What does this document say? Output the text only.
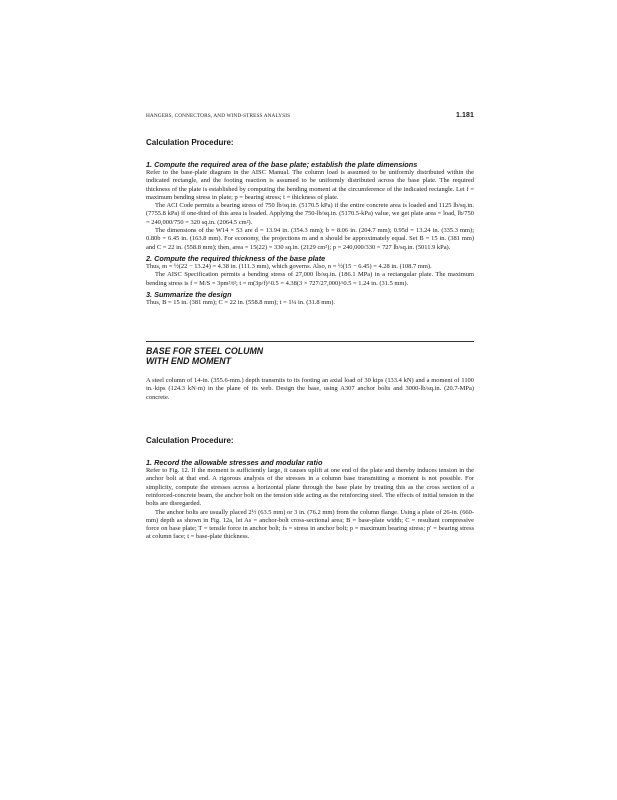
HANGERS, CONNECTORS, AND WIND-STRESS ANALYSIS	1.181
Calculation Procedure:
1. Compute the required area of the base plate; establish the plate dimensions

Refer to the base-plate diagram in the AISC Manual. The column load is assumed to be uniformly distributed within the indicated rectangle, and the footing reaction is assumed to be uniformly distributed across the base plate. The required thickness of the plate is established by computing the bending moment at the circumference of the indicated rectangle. Let f = maximum bending stress in plate; p = bearing stress; t = thickness of plate.

The ACI Code permits a bearing stress of 750 lb/sq.in. (5170.5 kPa) if the entire concrete area is loaded and 1125 lb/sq.in. (7755.8 kPa) if one-third of this area is loaded. Applying the 750-lb/sq.in. (5170.5-kPa) value, we get plate area = load, lb/750 = 240,000/750 = 320 sq.in. (2064.5 cm²).

The dimensions of the W14 × 53 are d = 13.94 in. (354.3 mm); b = 8.06 in. (204.7 mm); 0.95d = 13.24 in. (335.3 mm); 0.80b = 6.45 in. (163.8 mm). For economy, the projections m and n should be approximately equal. Set B = 15 in. (381 mm) and C = 22 in. (558.8 mm); then, area = 15(22) = 330 sq.in. (2129 cm²); p = 240,000/330 = 727 lb/sq.in. (5011.9 kPa).

2. Compute the required thickness of the base plate

Thus, m = ½(22 − 13.24) = 4.38 in. (111.3 mm), which governs. Also, n = ½(15 − 6.45) = 4.28 in. (108.7 mm).

The AISC Specification permits a bending stress of 27,000 lb/sq.in. (186.1 MPa) in a rectangular plate. The maximum bending stress is f = M/S = 3pm²/t²; t = m(3p/f)^0.5 = 4.38(3 × 727/27,000)^0.5 = 1.24 in. (31.5 mm).

3. Summarize the design

Thus, B = 15 in. (381 mm); C = 22 in. (558.8 mm); t = 1¼ in. (31.8 mm).

BASE FOR STEEL COLUMN
WITH END MOMENT

A steel column of 14-in. (355.6-mm.) depth transmits to its footing an axial load of 30 kips (133.4 kN) and a moment of 1100 in.·kips (124.3 kN·m) in the plane of its web. Design the base, using A307 anchor bolts and 3000-lb/sq.in. (20.7-MPa) concrete.

Calculation Procedure:
1. Record the allowable stresses and modular ratio

Refer to Fig. 12. If the moment is sufficiently large, it causes uplift at one end of the plate and thereby induces tension in the anchor bolt at that end. A rigorous analysis of the stresses in a column base transmitting a moment is not possible. For simplicity, compute the stresses across a horizontal plane through the base plate by treating this as the cross section of a reinforced-concrete beam, the anchor bolt on the tension side acting as the reinforcing steel. The effects of initial tension in the bolts are disregarded.

The anchor bolts are usually placed 2½ (63.5 mm) or 3 in. (76.2 mm) from the column flange. Using a plate of 26-in. (660-mm) depth as shown in Fig. 12a, let As = anchor-bolt cross-sectional area; B = base-plate width; C = resultant compressive force on base plate; T = tensile force in anchor bolt; fs = stress in anchor bolt; p = maximum bearing stress; p′ = bearing stress at column face; t = base-plate thickness.
